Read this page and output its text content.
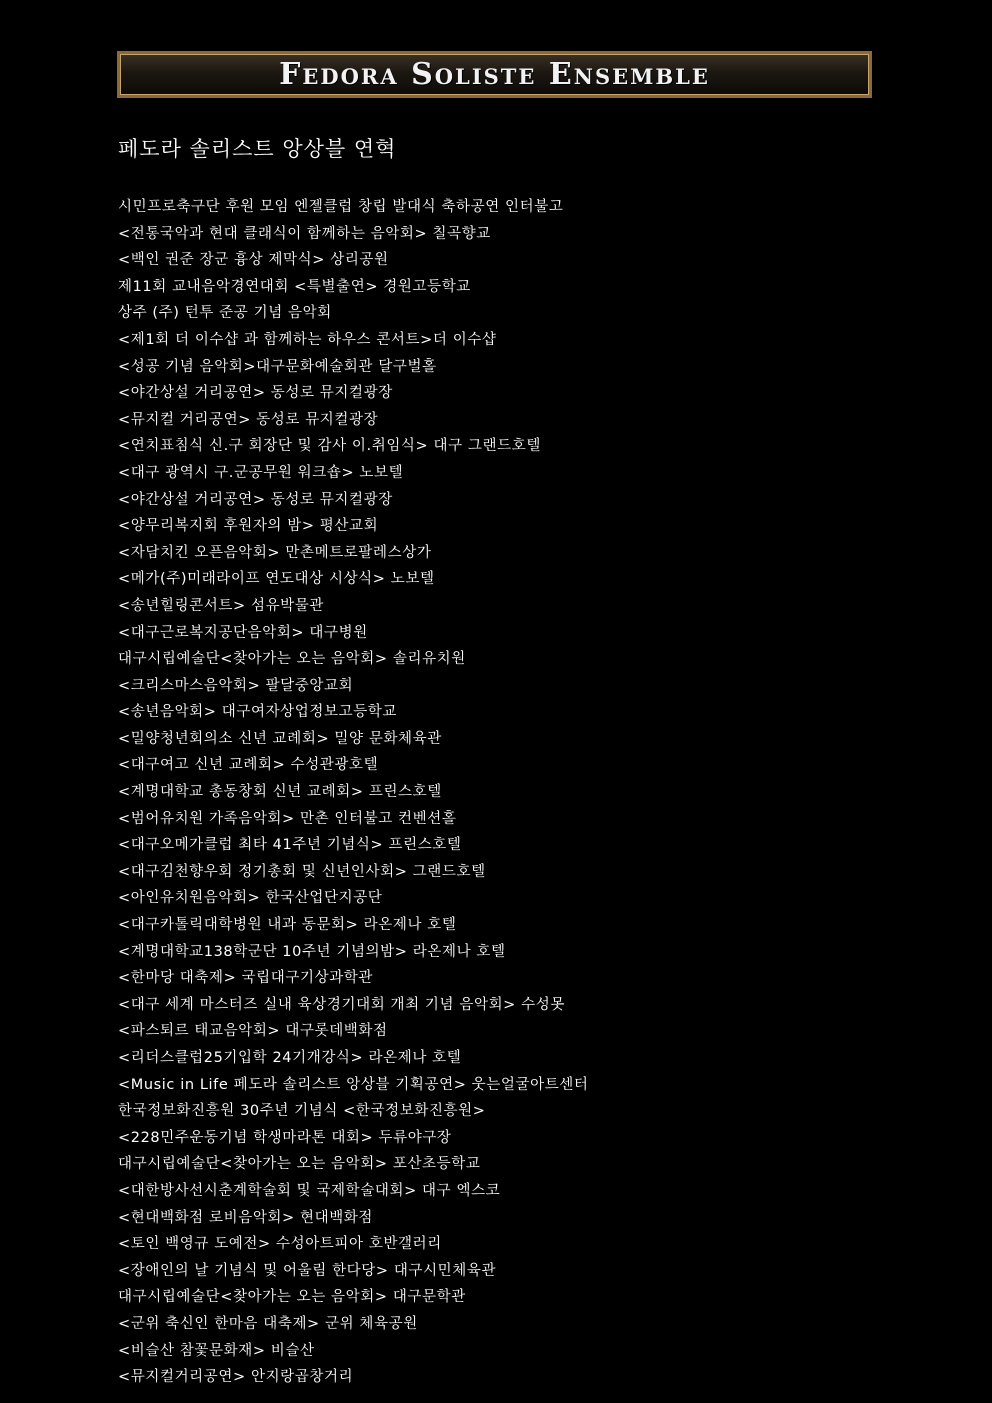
Fedora Soliste Ensemble
페도라 솔리스트 앙상블 연혁
시민프로축구단 후원 모임 엔젤클럽 창립 발대식 축하공연 인터불고
<전통국악과 현대 클래식이 함께하는 음악회> 칠곡향교
<백인 권준 장군 흉상 제막식> 상리공원
제11회 교내음악경연대회 <특별출연> 경원고등학교
상주 (주) 턴투 준공 기념 음악회
<제1회 더 이수샵 과 함께하는 하우스 콘서트>더 이수샵
<성공 기념 음악회>대구문화예술회관 달구벌홀
<야간상설 거리공연> 동성로 뮤지컬광장
<뮤지컬 거리공연> 동성로 뮤지컬광장
<연치표침식 신.구 회장단 및 감사 이.취임식> 대구 그랜드호텔
<대구 광역시 구.군공무원 워크숍> 노보텔
<야간상설 거리공연> 동성로 뮤지컬광장
<양무리복지회 후원자의 밤> 평산교회
<자담치킨 오픈음악회> 만촌메트로팔레스상가
<메가(주)미래라이프 연도대상 시상식> 노보텔
<송년힐링콘서트> 섬유박물관
<대구근로복지공단음악회> 대구병원
대구시립예술단<찾아가는 오는 음악회> 솔리유치원
<크리스마스음악회> 팔달중앙교회
<송년음악회> 대구여자상업정보고등학교
<밀양청년회의소 신년 교례회> 밀양 문화체육관
<대구여고 신년 교례회> 수성관광호텔
<계명대학교 총동창회 신년 교례회> 프린스호텔
<범어유치원 가족음악회> 만촌 인터불고 컨벤션홀
<대구오메가클럽 최타 41주년 기념식> 프린스호텔
<대구김천향우회 정기총회 및 신년인사회> 그랜드호텔
<아인유치원음악회> 한국산업단지공단
<대구카톨릭대학병원 내과 동문회> 라온제나 호텔
<계명대학교138학군단 10주년 기념의밤> 라온제나 호텔
<한마당 대축제> 국립대구기상과학관
<대구 세계 마스터즈 실내 육상경기대회 개최 기념 음악회> 수성못
<파스퇴르 태교음악회> 대구롯데백화점
<리더스클럽25기입학 24기개강식> 라온제나 호텔
<Music in Life 페도라 솔리스트 앙상블 기획공연> 웃는얼굴아트센터
한국정보화진흥원 30주년 기념식 <한국정보화진흥원>
<228민주운동기념 학생마라톤 대회> 두류야구장
대구시립예술단<찾아가는 오는 음악회> 포산초등학교
<대한방사선시춘계학술회 및 국제학술대회> 대구 엑스코
<현대백화점 로비음악회> 현대백화점
<토인 백영규 도예전> 수성아트피아 호반갤러리
<장애인의 날 기념식 및 어울림 한다당> 대구시민체육관
대구시립예술단<찾아가는 오는 음악회> 대구문학관
<군위 축신인 한마음 대축제> 군위 체육공원
<비슬산 참꽃문화재> 비슬산
<뮤지컬거리공연> 안지랑곱창거리
